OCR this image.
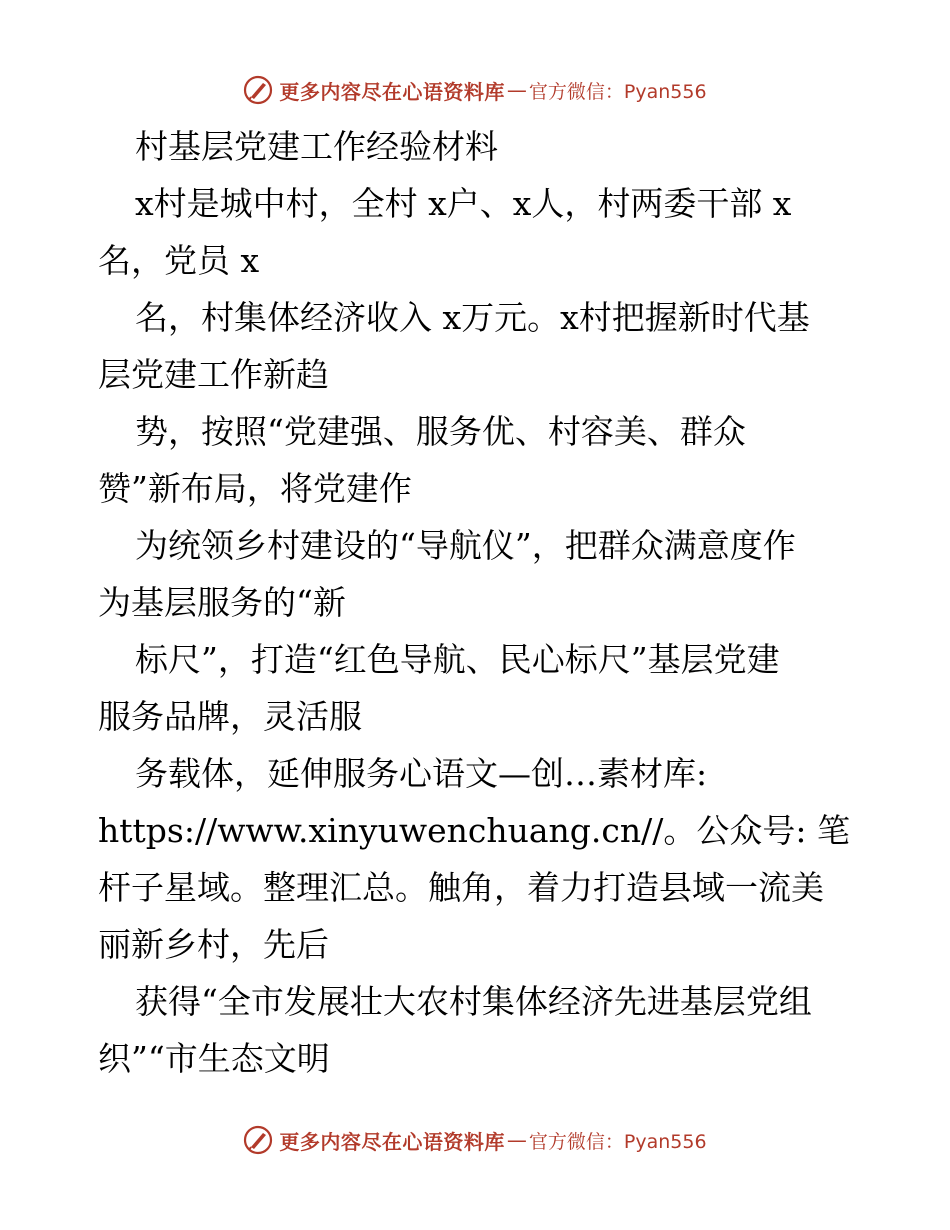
更多内容尽在心语资料库 — 官方微信：Pyan556
村基层党建工作经验材料
x村是城中村，全村 x户、x人，村两委干部 x
名，党员 x
名，村集体经济收入 x万元。x村把握新时代基
层党建工作新趋
势，按照“党建强、服务优、村容美、群众
赞”新布局，将党建作
为统领乡村建设的“导航仪”，把群众满意度作
为基层服务的“新
标尺”，打造“红色导航、民心标尺”基层党建
服务品牌，灵活服
务载体，延伸服务心语文—创…素材库:
https://www.xinyuwenchuang.cn//。公众号: 笔
杆子星域。整理汇总。触角，着力打造县域一流美
丽新乡村，先后
获得“全市发展壮大农村集体经济先进基层党组
织”“市生态文明
更多内容尽在心语资料库 — 官方微信：Pyan556
